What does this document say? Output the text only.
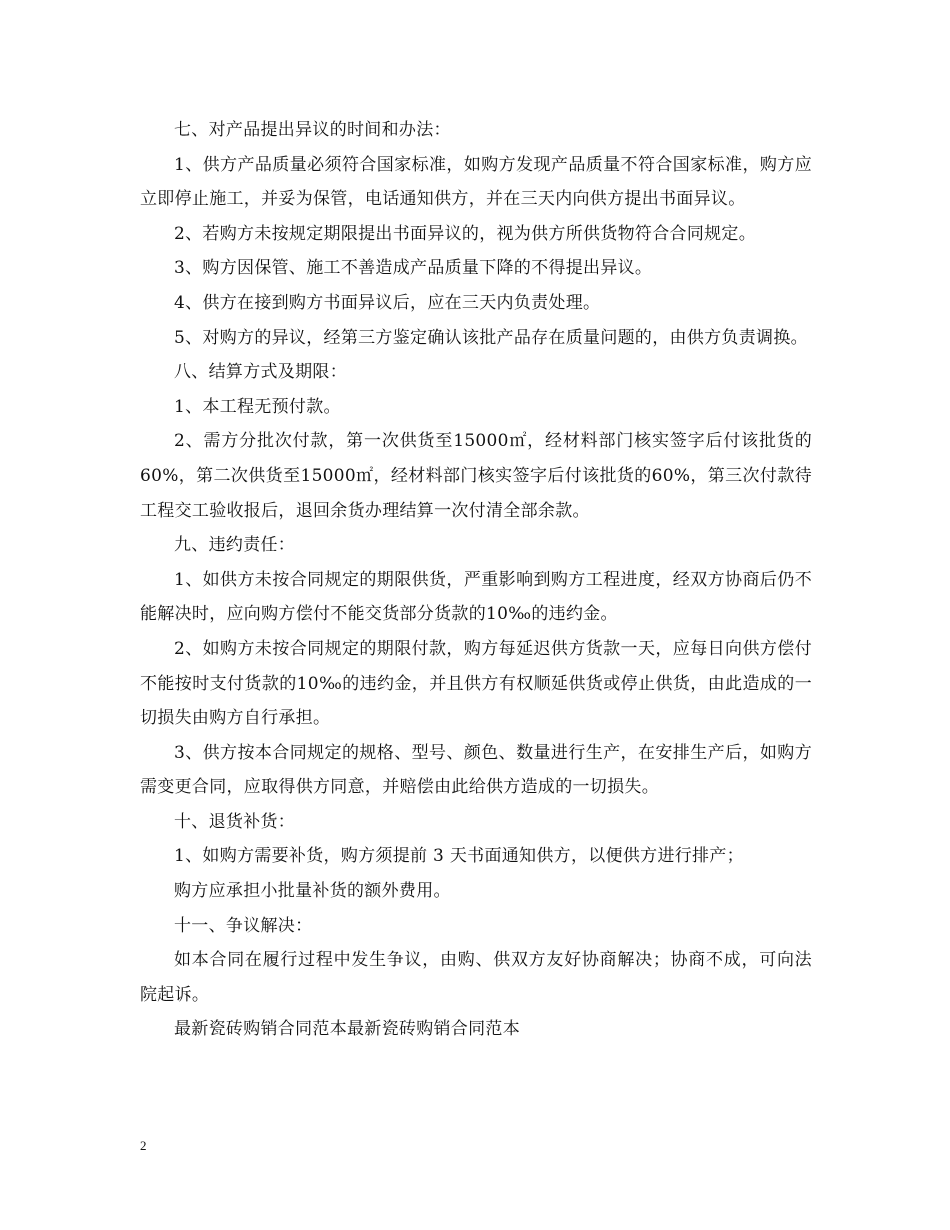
七、对产品提出异议的时间和办法：

1、供方产品质量必须符合国家标准，如购方发现产品质量不符合国家标准，购方应立即停止施工，并妥为保管，电话通知供方，并在三天内向供方提出书面异议。

2、若购方未按规定期限提出书面异议的，视为供方所供货物符合合同规定。

3、购方因保管、施工不善造成产品质量下降的不得提出异议。

4、供方在接到购方书面异议后，应在三天内负责处理。

5、对购方的异议，经第三方鉴定确认该批产品存在质量问题的，由供方负责调换。

八、结算方式及期限：

1、本工程无预付款。

2、需方分批次付款，第一次供货至15000㎡，经材料部门核实签字后付该批货的60%，第二次供货至15000㎡，经材料部门核实签字后付该批货的60%，第三次付款待工程交工验收报后，退回余货办理结算一次付清全部余款。

九、违约责任：

1、如供方未按合同规定的期限供货，严重影响到购方工程进度，经双方协商后仍不能解决时，应向购方偿付不能交货部分货款的10‰的违约金。

2、如购方未按合同规定的期限付款，购方每延迟供方货款一天，应每日向供方偿付不能按时支付货款的10‰的违约金，并且供方有权顺延供货或停止供货，由此造成的一切损失由购方自行承担。

3、供方按本合同规定的规格、型号、颜色、数量进行生产，在安排生产后，如购方需变更合同，应取得供方同意，并赔偿由此给供方造成的一切损失。

十、退货补货：

1、如购方需要补货，购方须提前 3 天书面通知供方，以便供方进行排产；

购方应承担小批量补货的额外费用。

十一、争议解决：

如本合同在履行过程中发生争议，由购、供双方友好协商解决；协商不成，可向法院起诉。

最新瓷砖购销合同范本最新瓷砖购销合同范本

2
